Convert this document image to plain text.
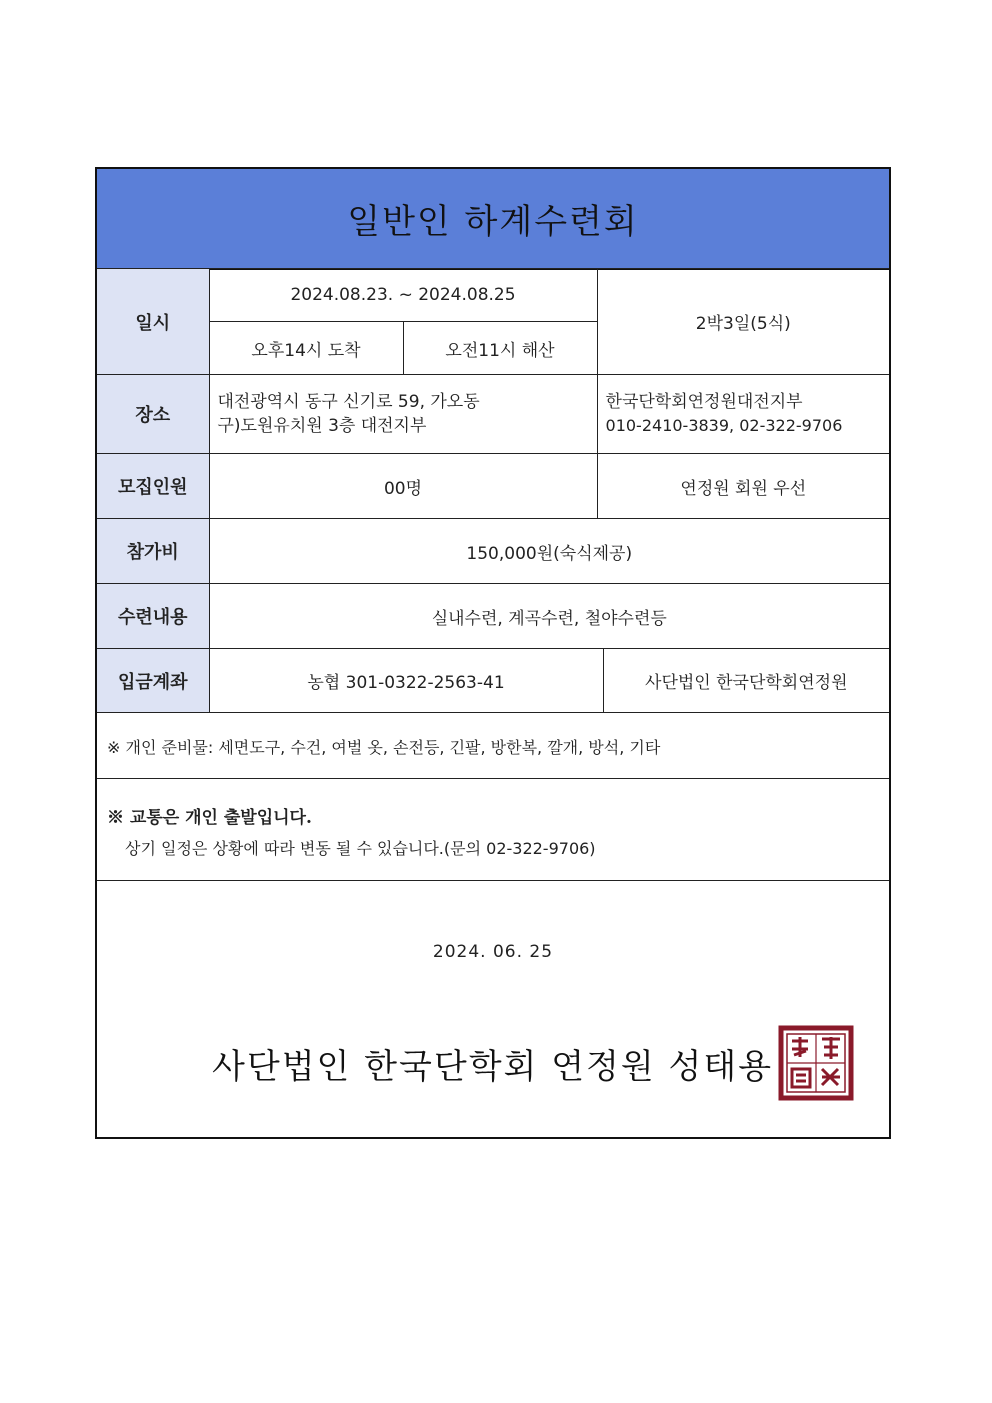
일반인 하계수련회
일시	2024.08.23. ~ 2024.08.25		2박3일(5식)	
	오후14시 도착	오전11시 해산		
장소	대전광역시 동구 신기로 59, 가오동
구)도원유치원 3층 대전지부		한국단학회연정원대전지부
010-2410-3839, 02-322-9706	

모집인원	00명		연정원 회원 우선	
참가비	150,000원(숙식제공)			
수련내용	실내수련, 계곡수련, 철야수련등			
입금계좌	농협 301-0322-2563-41			사단법인 한국단학회연정원
※ 개인 준비물: 세면도구, 수건, 여벌 옷, 손전등, 긴팔, 방한복, 깔개, 방석, 기타
※ 교통은 개인 출발입니다.
상기 일정은 상황에 따라 변동 될 수 있습니다.(문의 02-322-9706)
2024. 06. 25
사단법인 한국단학회 연정원 성태용
